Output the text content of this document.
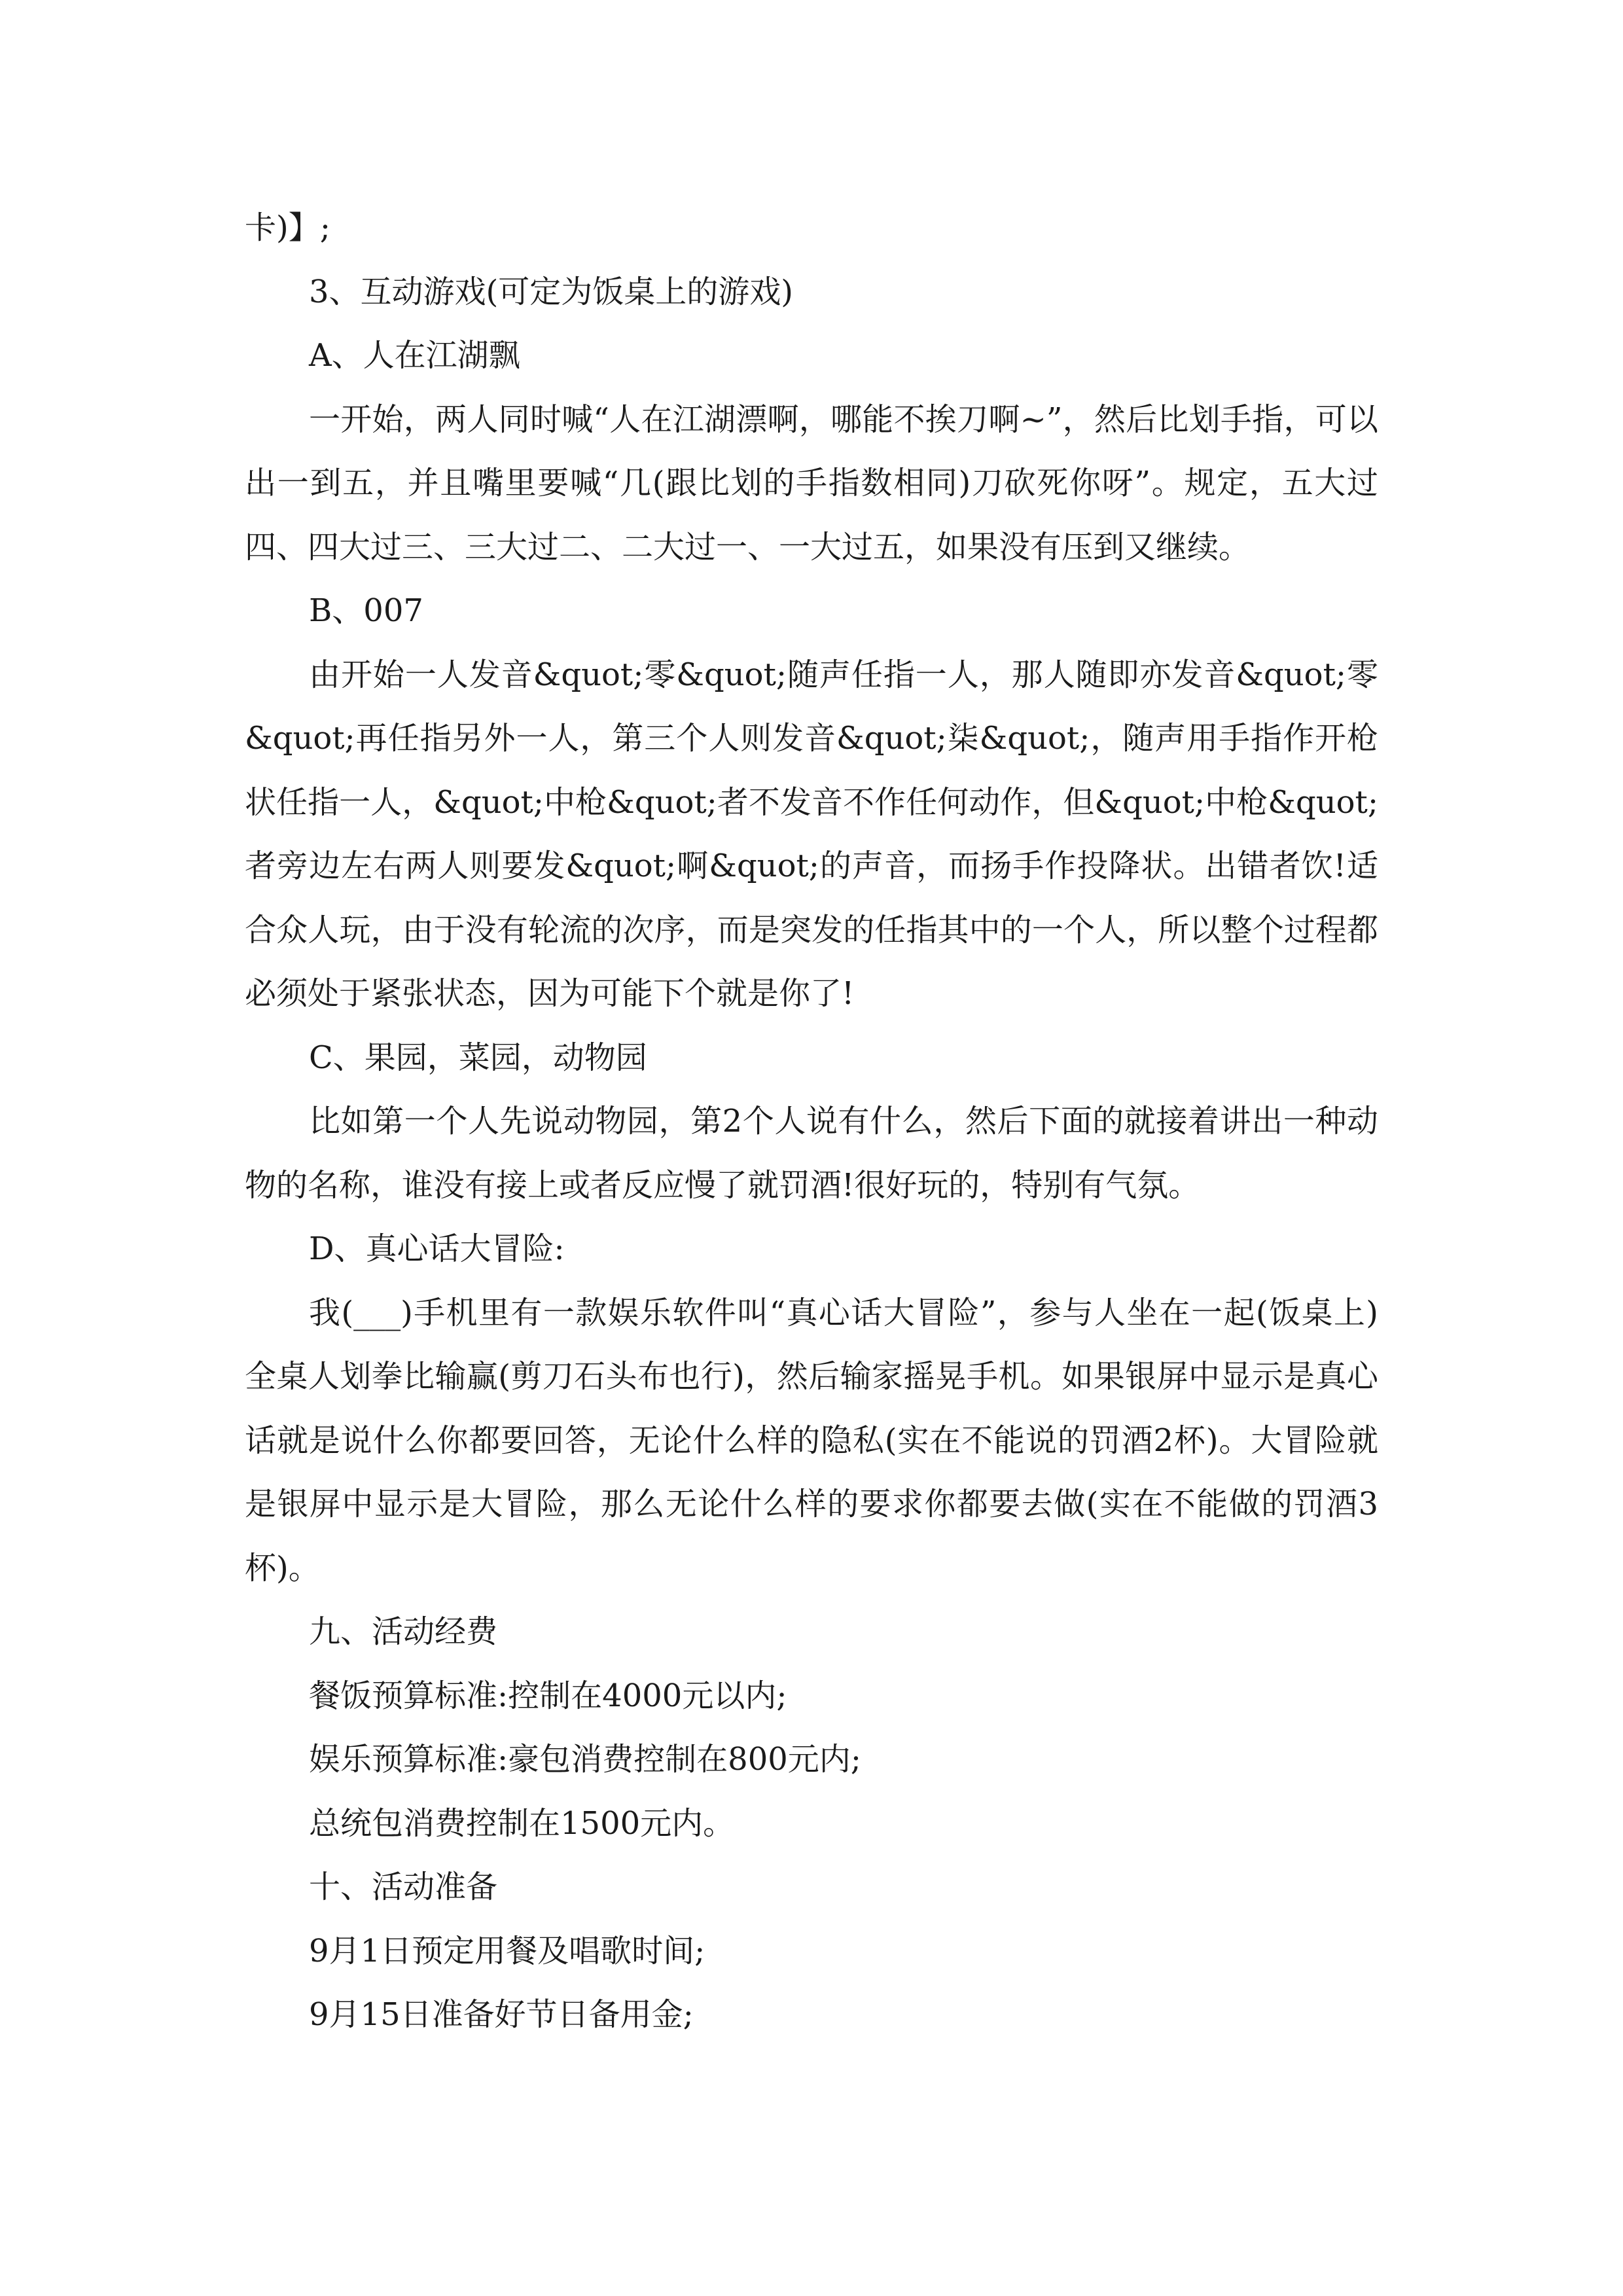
卡)】;

3、互动游戏(可定为饭桌上的游戏)

A、人在江湖飘

一开始，两人同时喊“人在江湖漂啊，哪能不挨刀啊~”，然后比划手指，可以出一到五，并且嘴里要喊“几(跟比划的手指数相同)刀砍死你呀”。规定，五大过四、四大过三、三大过二、二大过一、一大过五，如果没有压到又继续。

B、007

由开始一人发音&quot;零&quot;随声任指一人，那人随即亦发音&quot;零&quot;再任指另外一人，第三个人则发音&quot;柒&quot;，随声用手指作开枪状任指一人，&quot;中枪&quot;者不发音不作任何动作，但&quot;中枪&quot;者旁边左右两人则要发&quot;啊&quot;的声音，而扬手作投降状。出错者饮!适合众人玩，由于没有轮流的次序，而是突发的任指其中的一个人，所以整个过程都必须处于紧张状态，因为可能下个就是你了!

C、果园，菜园，动物园

比如第一个人先说动物园，第2个人说有什么，然后下面的就接着讲出一种动物的名称，谁没有接上或者反应慢了就罚酒!很好玩的，特别有气氛。

D、真心话大冒险:

我(___)手机里有一款娱乐软件叫“真心话大冒险”，参与人坐在一起(饭桌上)全桌人划拳比输赢(剪刀石头布也行)，然后输家摇晃手机。如果银屏中显示是真心话就是说什么你都要回答，无论什么样的隐私(实在不能说的罚酒2杯)。大冒险就是银屏中显示是大冒险，那么无论什么样的要求你都要去做(实在不能做的罚酒3杯)。

九、活动经费

餐饭预算标准:控制在4000元以内;

娱乐预算标准:豪包消费控制在800元内;

总统包消费控制在1500元内。

十、活动准备

9月1日预定用餐及唱歌时间;

9月15日准备好节日备用金;
